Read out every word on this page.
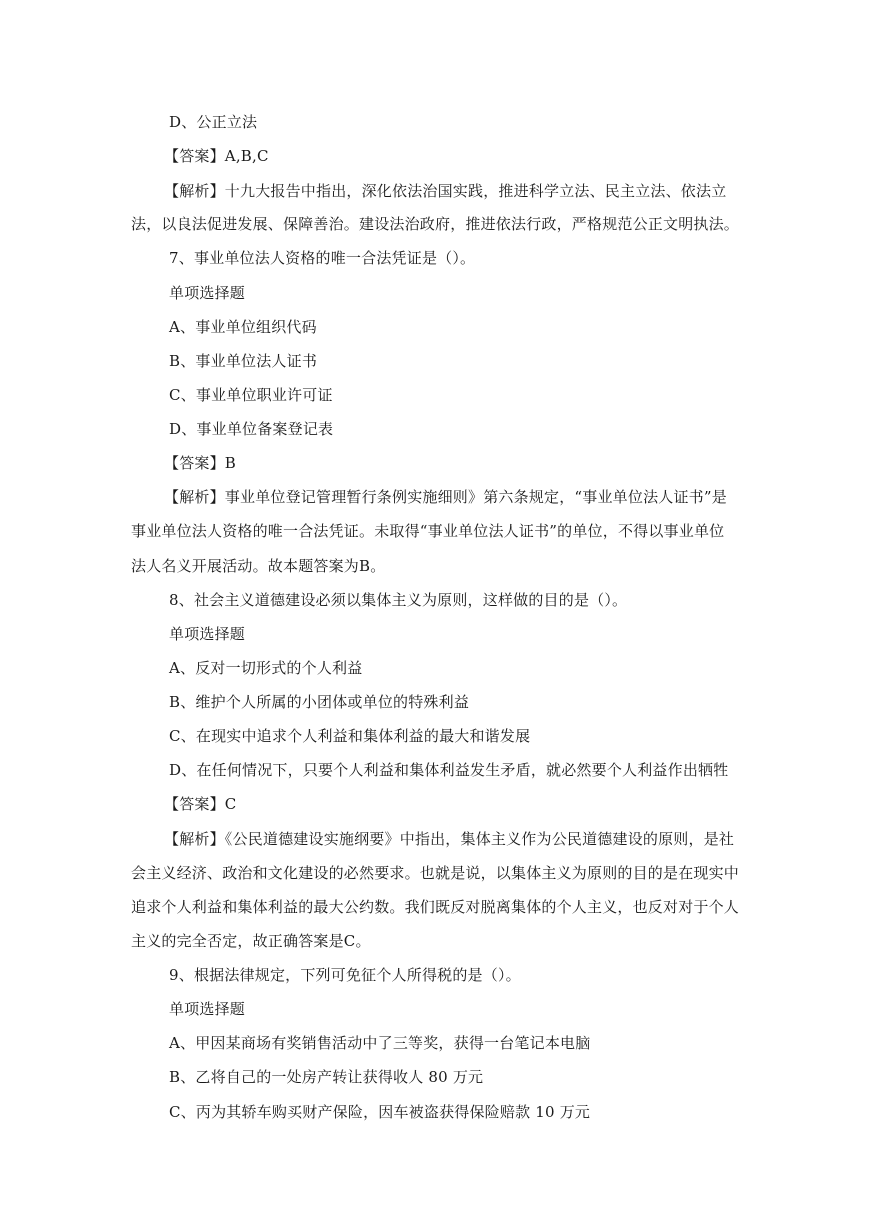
D、公正立法
【答案】A,B,C
【解析】十九大报告中指出，深化依法治国实践，推进科学立法、民主立法、依法立
法，以良法促进发展、保障善治。建设法治政府，推进依法行政，严格规范公正文明执法。
7、事业单位法人资格的唯一合法凭证是（）。
单项选择题
A、事业单位组织代码
B、事业单位法人证书
C、事业单位职业许可证
D、事业单位备案登记表
【答案】B
【解析】事业单位登记管理暂行条例实施细则》第六条规定，“事业单位法人证书”是
事业单位法人资格的唯一合法凭证。未取得“事业单位法人证书”的单位，不得以事业单位
法人名义开展活动。故本题答案为B。
8、社会主义道德建设必须以集体主义为原则，这样做的目的是（）。
单项选择题
A、反对一切形式的个人利益
B、维护个人所属的小团体或单位的特殊利益
C、在现实中追求个人利益和集体利益的最大和谐发展
D、在任何情况下，只要个人利益和集体利益发生矛盾，就必然要个人利益作出牺牲
【答案】C
【解析】《公民道德建设实施纲要》中指出，集体主义作为公民道德建设的原则，是社
会主义经济、政治和文化建设的必然要求。也就是说，以集体主义为原则的目的是在现实中
追求个人利益和集体利益的最大公约数。我们既反对脱离集体的个人主义，也反对对于个人
主义的完全否定，故正确答案是C。
9、根据法律规定，下列可免征个人所得税的是（）。
单项选择题
A、甲因某商场有奖销售活动中了三等奖，获得一台笔记本电脑
B、乙将自己的一处房产转让获得收人 80 万元
C、丙为其轿车购买财产保险，因车被盗获得保险赔款 10 万元
